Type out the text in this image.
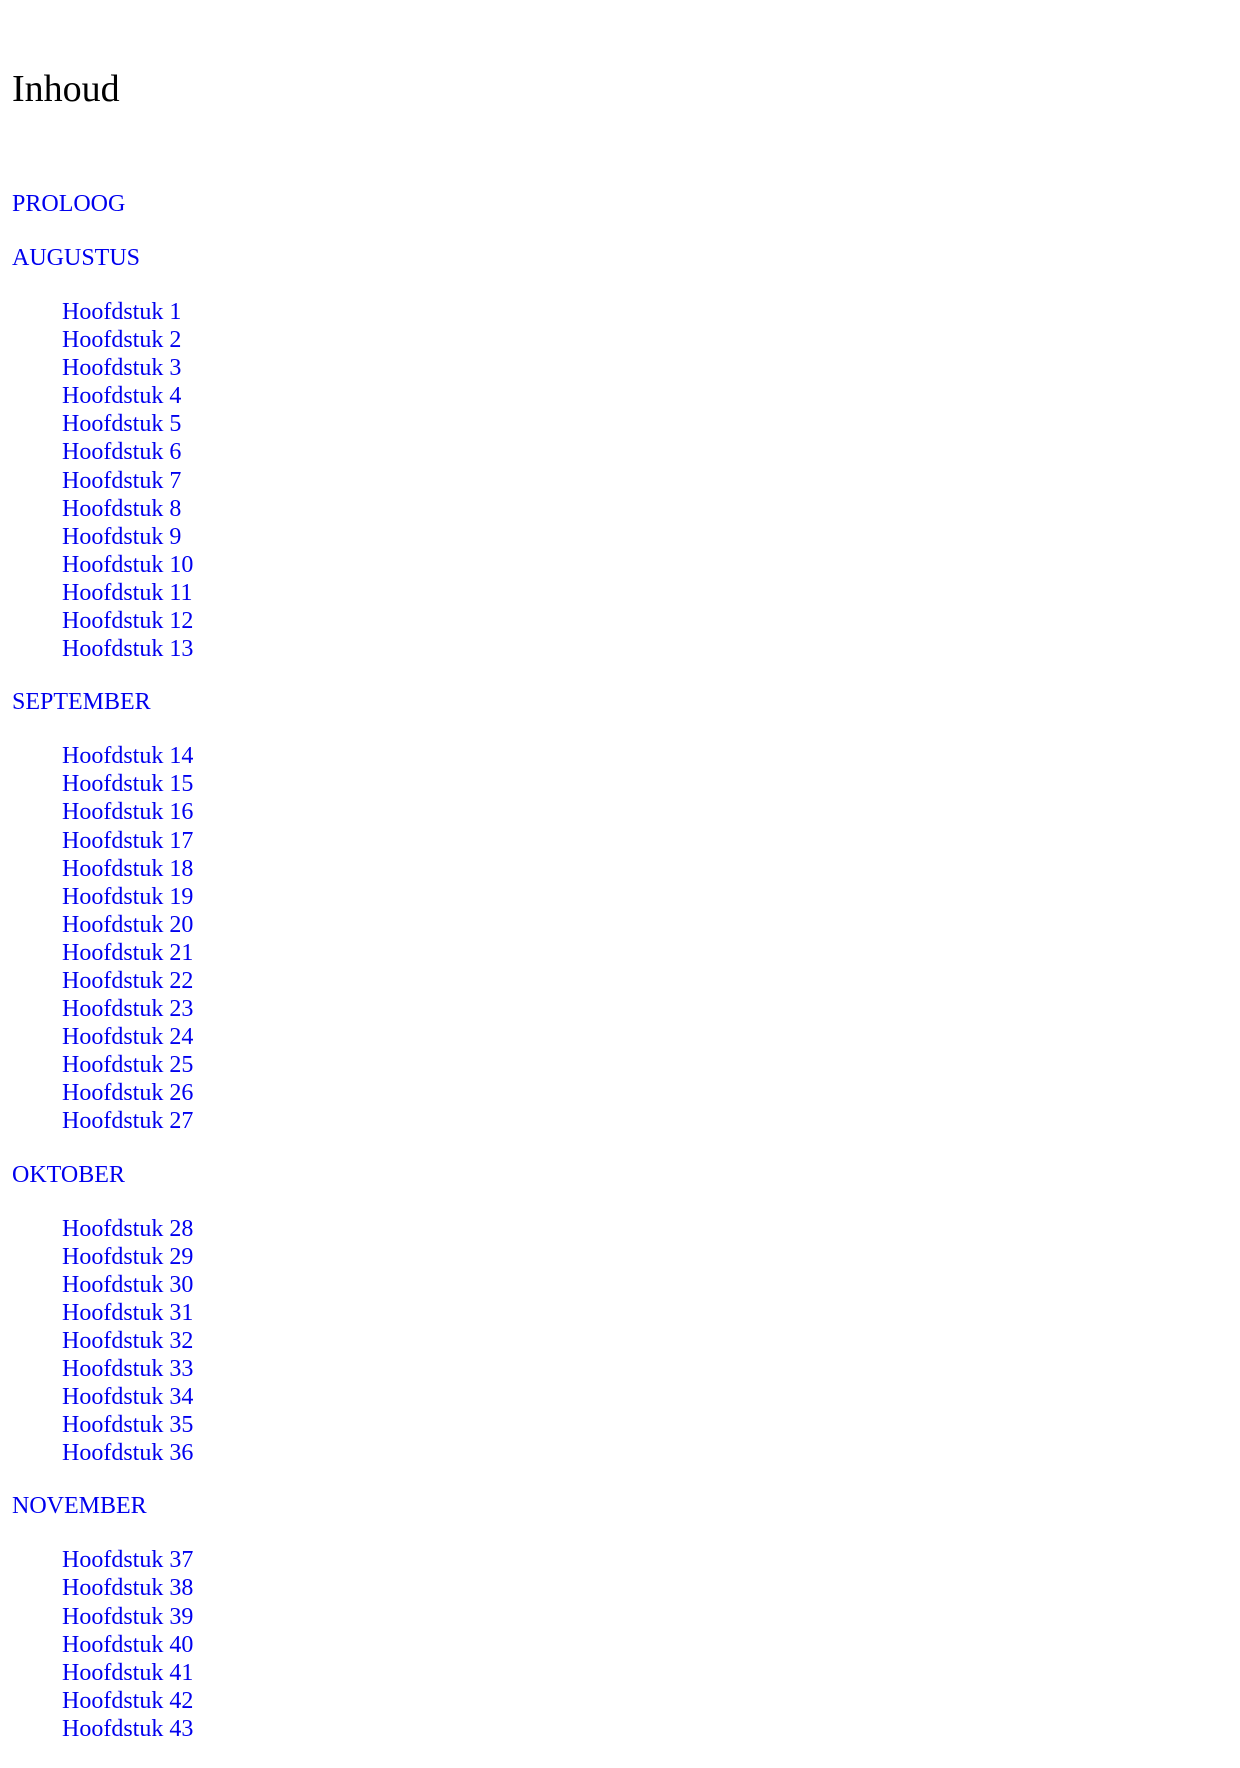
Inhoud
PROLOOG
AUGUSTUS
Hoofdstuk 1
Hoofdstuk 2
Hoofdstuk 3
Hoofdstuk 4
Hoofdstuk 5
Hoofdstuk 6
Hoofdstuk 7
Hoofdstuk 8
Hoofdstuk 9
Hoofdstuk 10
Hoofdstuk 11
Hoofdstuk 12
Hoofdstuk 13
SEPTEMBER
Hoofdstuk 14
Hoofdstuk 15
Hoofdstuk 16
Hoofdstuk 17
Hoofdstuk 18
Hoofdstuk 19
Hoofdstuk 20
Hoofdstuk 21
Hoofdstuk 22
Hoofdstuk 23
Hoofdstuk 24
Hoofdstuk 25
Hoofdstuk 26
Hoofdstuk 27
OKTOBER
Hoofdstuk 28
Hoofdstuk 29
Hoofdstuk 30
Hoofdstuk 31
Hoofdstuk 32
Hoofdstuk 33
Hoofdstuk 34
Hoofdstuk 35
Hoofdstuk 36
NOVEMBER
Hoofdstuk 37
Hoofdstuk 38
Hoofdstuk 39
Hoofdstuk 40
Hoofdstuk 41
Hoofdstuk 42
Hoofdstuk 43
